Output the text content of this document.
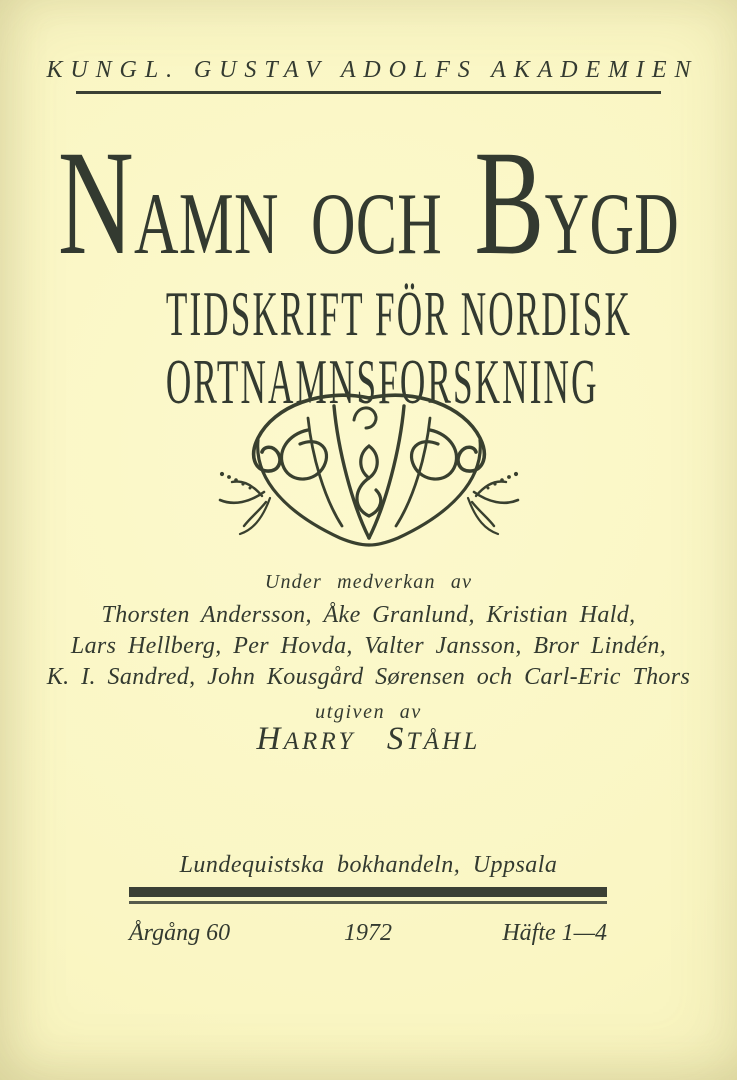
KUNGL. GUSTAV ADOLFS AKADEMIEN
NAMN OCH BYGD
TIDSKRIFT FÖR NORDISK
ORTNAMNSFORSKNING
Under medverkan av
Thorsten Andersson, Åke Granlund, Kristian Hald,
Lars Hellberg, Per Hovda, Valter Jansson, Bror Lindén,
K. I. Sandred, John Kousgård Sørensen och Carl-Eric Thors
utgiven av
HARRY STÅHL
Lundequistska bokhandeln, Uppsala
Årgång 60	1972	Häfte 1—4
